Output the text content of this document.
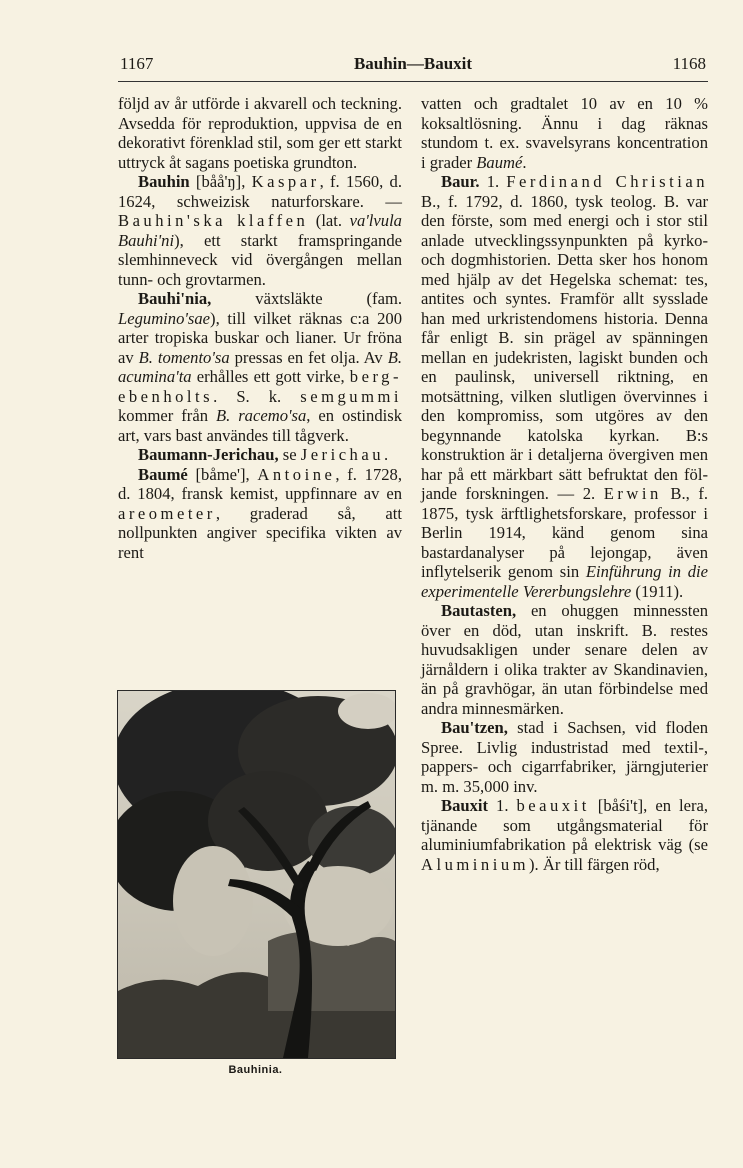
1167	Bauhin—Bauxit	1168

följd av år utförde i akvarell och teckning. Avsedda för reproduktion, uppvisa de en dekorativt förenklad stil, som ger ett starkt uttryck åt sagans poetiska grundton.

Bauhin [båå'ŋ], Kaspar, f. 1560, d. 1624, schweizisk naturforskare. — Bauhin'ska klaffen (lat. va'lvula Bauhi'ni), ett starkt framspringande slemhinneveck vid övergången mellan tunn- och grovtarmen.

Bauhi'nia, växtsläkte (fam. Legumino'sae), till vilket räknas c:a 200 arter tropiska buskar och lianer. Ur fröna av B. tomento'sa pressas en fet olja. Av B. acumina'ta erhålles ett gott virke, berg-ebenholts. S. k. semgummi kommer från B. racemo'sa, en ostindisk art, vars bast användes till tågverk.

Baumann-Jerichau, se Jerichau.

Baumé [båme'], Antoine, f. 1728, d. 1804, fransk kemist, uppfinnare av en areometer, graderad så, att nollpunkten angiver specifika vikten av rent

Bauhinia.

vatten och gradtalet 10 av en 10 % koksaltlösning. Ännu i dag räknas stundom t. ex. svavelsyrans koncentration i grader Baumé.

Baur. 1. Ferdinand Christian B., f. 1792, d. 1860, tysk teolog. B. var den förste, som med energi och i stor stil anlade utvecklingssynpunkten på kyrko- och dogmhistorien. Detta sker hos honom med hjälp av det Hegelska schemat: tes, antites och syntes. Framför allt sysslade han med urkristendomens historia. Denna får enligt B. sin prägel av spänningen mellan en judekristen, lagiskt bunden och en paulinsk, universell riktning, en motsättning, vilken slutligen övervinnes i den kompromiss, som utgöres av den begynnande katolska kyrkan. B:s konstruktion är i detaljerna övergiven men har på ett märkbart sätt befruktat den följande forskningen. — 2. Erwin B., f. 1875, tysk ärftlighetsforskare, professor i Berlin 1914, känd genom sina bastardanalyser på lejongap, även inflytelserik genom sin Einführung in die experimentelle Vererbungslehre (1911).

Bautasten, en ohuggen minnessten över en död, utan inskrift. B. restes huvudsakligen under senare delen av järnåldern i olika trakter av Skandinavien, än på gravhögar, än utan förbindelse med andra minnesmärken.

Bau'tzen, stad i Sachsen, vid floden Spree. Livlig industristad med textil-, pappers- och cigarrfabriker, järngjuterier m. m. 35,000 inv.

Bauxit 1. beauxit [båśi't], en lera, tjänande som utgångsmaterial för aluminiumfabrikation på elektrisk väg (se Aluminium). Är till färgen röd,
